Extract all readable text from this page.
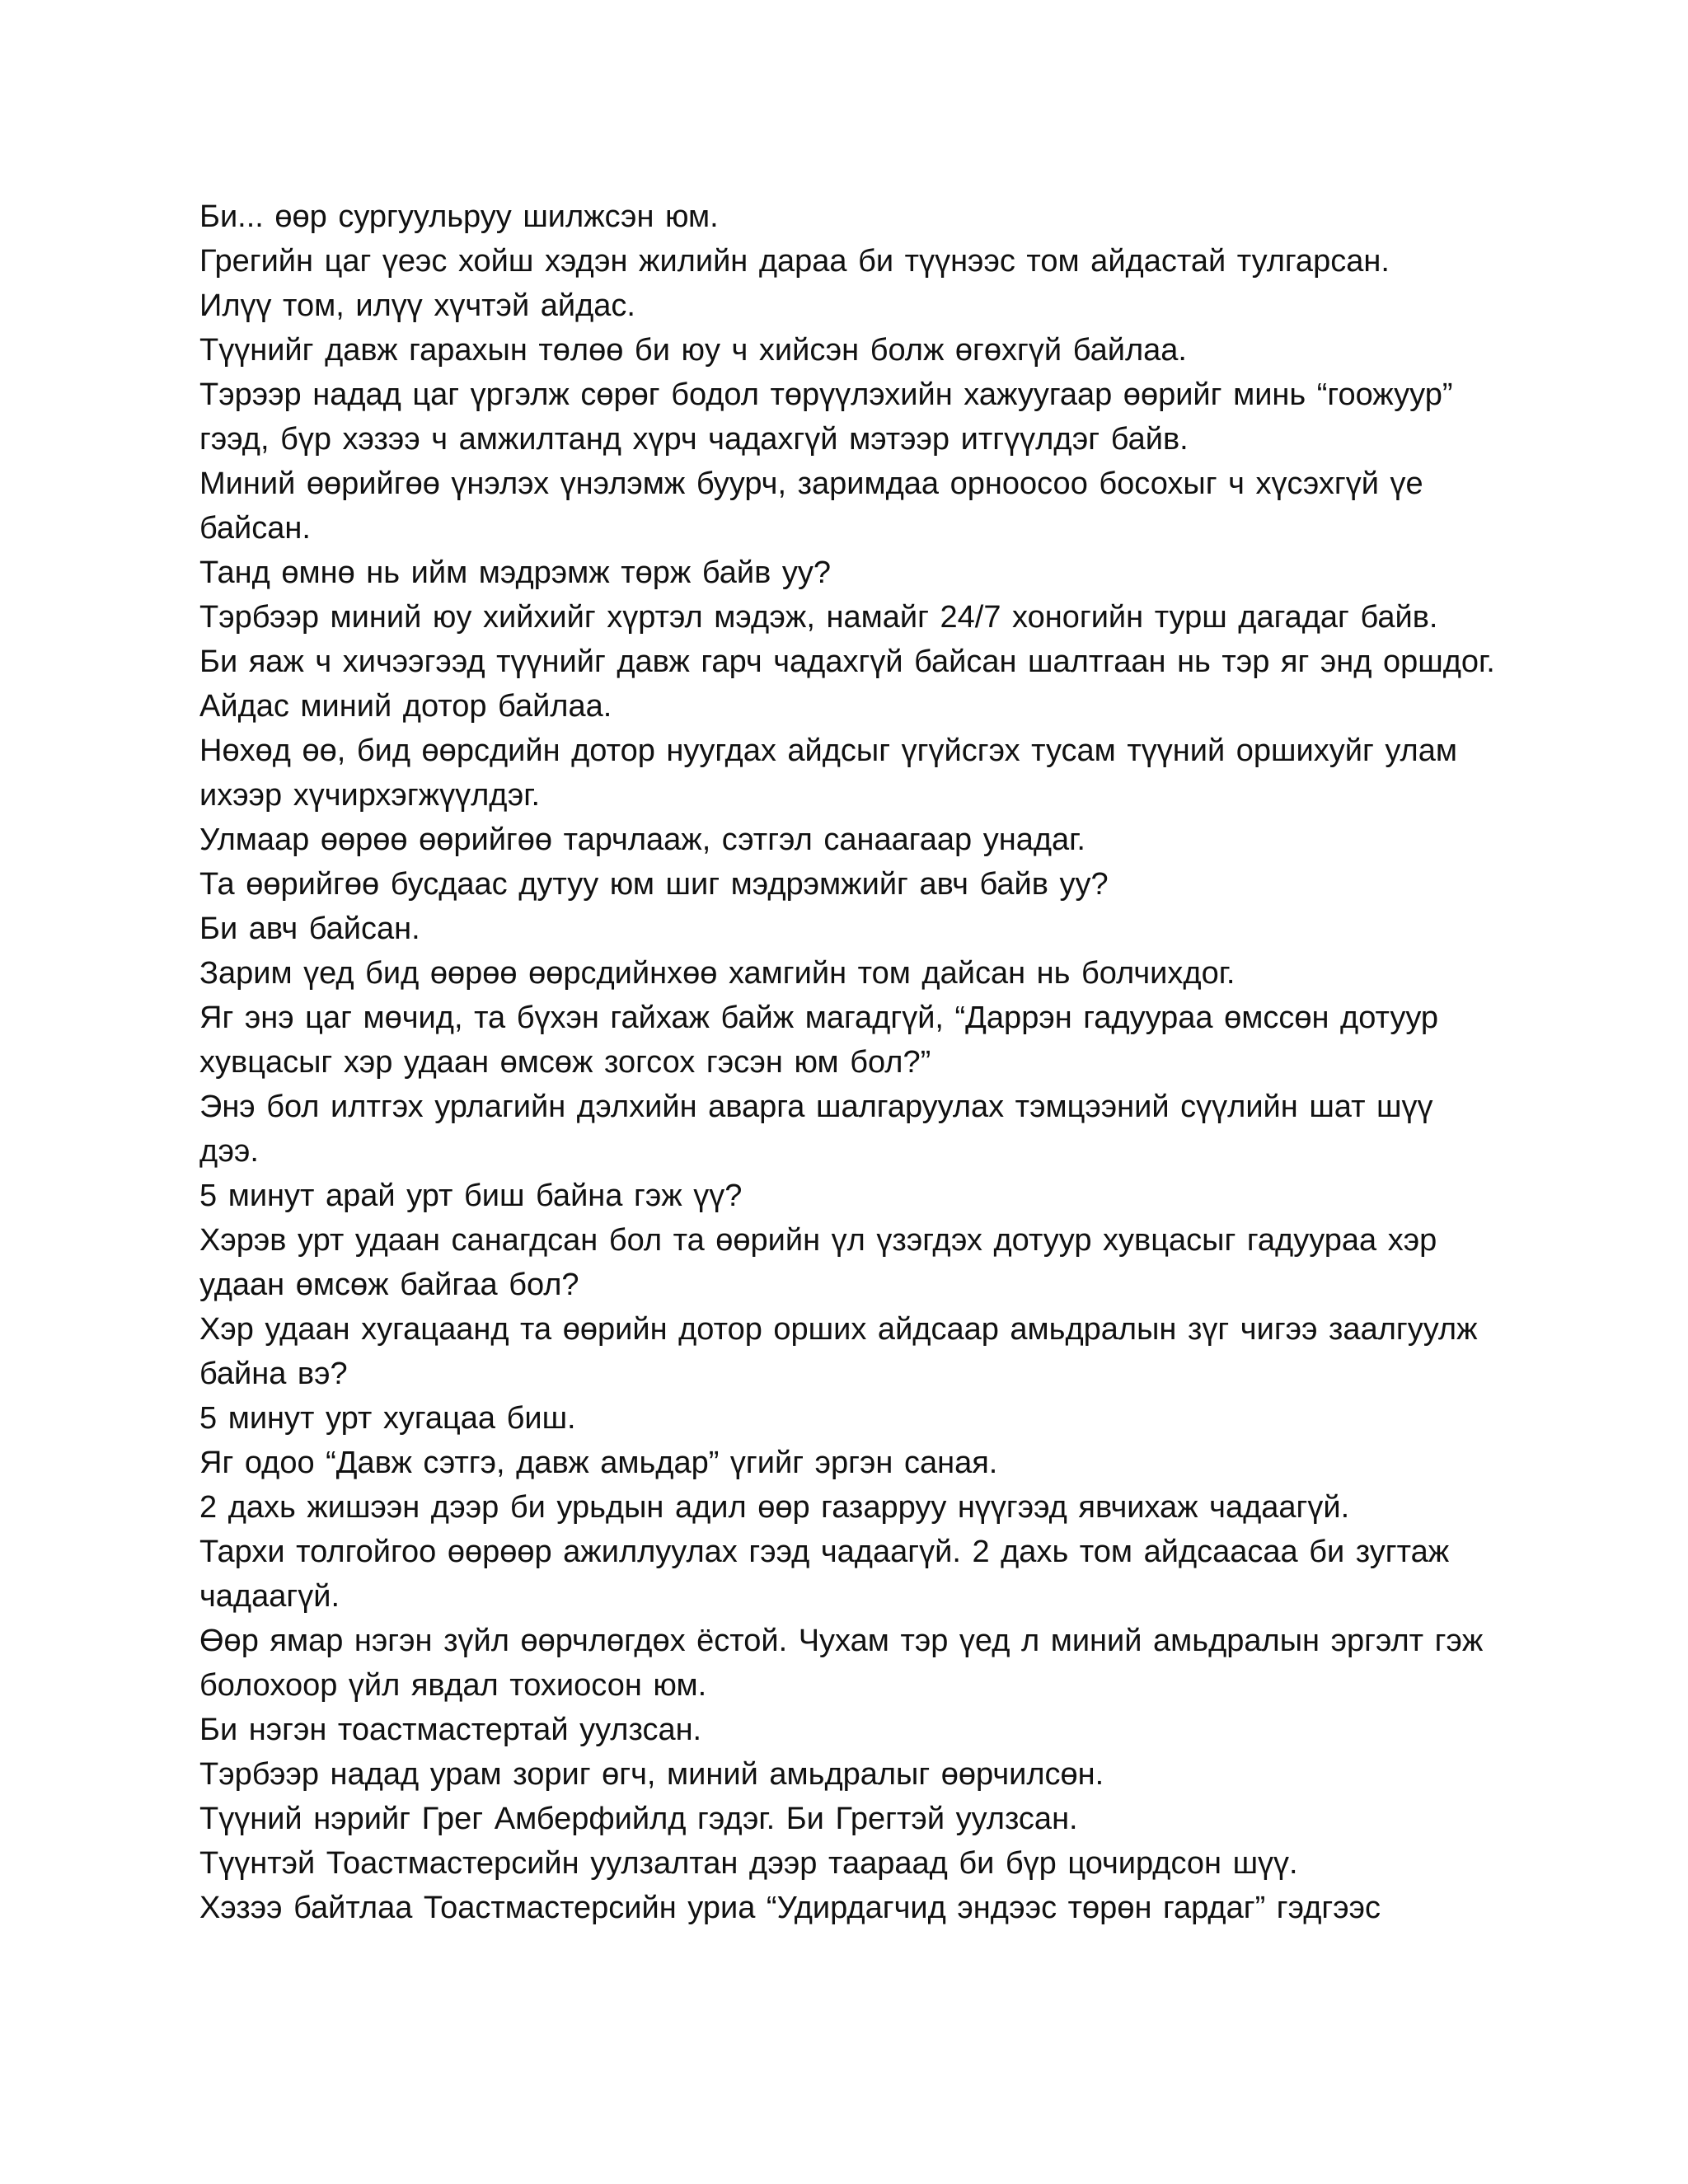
Би... өөр сургуульруу шилжсэн юм.

Грегийн цаг үеэс хойш хэдэн жилийн дараа би түүнээс том айдастай тулгарсан.

Илүү том, илүү хүчтэй айдас.

Түүнийг давж гарахын төлөө би юу ч хийсэн болж өгөхгүй байлаа.

Тэрээр надад цаг үргэлж сөрөг бодол төрүүлэхийн хажуугаар өөрийг минь “гоожуур” гээд, бүр хэзээ ч амжилтанд хүрч чадахгүй мэтээр итгүүлдэг байв.

Миний өөрийгөө үнэлэх үнэлэмж буурч, заримдаа орноосоо босохыг ч хүсэхгүй үе байсан.

Танд өмнө нь ийм мэдрэмж төрж байв уу?

Тэрбээр миний юу хийхийг хүртэл мэдэж, намайг 24/7 хоногийн турш дагадаг байв.

Би яаж ч хичээгээд түүнийг давж гарч чадахгүй байсан шалтгаан нь тэр яг энд оршдог.

Айдас миний дотор байлаа.

Нөхөд өө, бид өөрсдийн дотор нуугдах айдсыг үгүйсгэх тусам түүний оршихуйг улам ихээр хүчирхэгжүүлдэг.

Улмаар өөрөө өөрийгөө тарчлааж, сэтгэл санаагаар унадаг.

Та өөрийгөө бусдаас дутуу юм шиг мэдрэмжийг авч байв уу?

Би авч байсан.

Зарим үед бид өөрөө өөрсдийнхөө хамгийн том дайсан нь болчихдог.

Яг энэ цаг мөчид, та бүхэн гайхаж байж магадгүй, “Даррэн гадуураа өмссөн дотуур хувцасыг хэр удаан өмсөж зогсох гэсэн юм бол?”

Энэ бол илтгэх урлагийн дэлхийн аварга шалгаруулах тэмцээний сүүлийн шат шүү дээ.

5 минут арай урт биш байна гэж үү?

Хэрэв урт удаан санагдсан бол та өөрийн үл үзэгдэх дотуур хувцасыг гадуураа хэр удаан өмсөж байгаа бол?

Хэр удаан хугацаанд та өөрийн дотор орших айдсаар амьдралын зүг чигээ заалгуулж байна вэ?

5 минут урт хугацаа биш.

Яг одоо “Давж сэтгэ, давж амьдар” үгийг эргэн саная.

2 дахь жишээн дээр би урьдын адил өөр газарруу нүүгээд явчихаж чадаагүй.

Тархи толгойгоо өөрөөр ажиллуулах гээд чадаагүй. 2 дахь том айдсаасаа би зугтаж чадаагүй.

Өөр ямар нэгэн зүйл өөрчлөгдөх ёстой. Чухам тэр үед л миний амьдралын эргэлт гэж болохоор үйл явдал тохиосон юм.

Би нэгэн тоастмастертай уулзсан.

Тэрбээр надад урам зориг өгч, миний амьдралыг өөрчилсөн.

Түүний нэрийг Грег Амберфийлд гэдэг. Би Грегтэй уулзсан.

Түүнтэй Тоастмастерсийн уулзалтан дээр таараад би бүр цочирдсон шүү.

Хэзээ байтлаа Тоастмастерсийн уриа “Удирдагчид эндээс төрөн гардаг” гэдгээс
